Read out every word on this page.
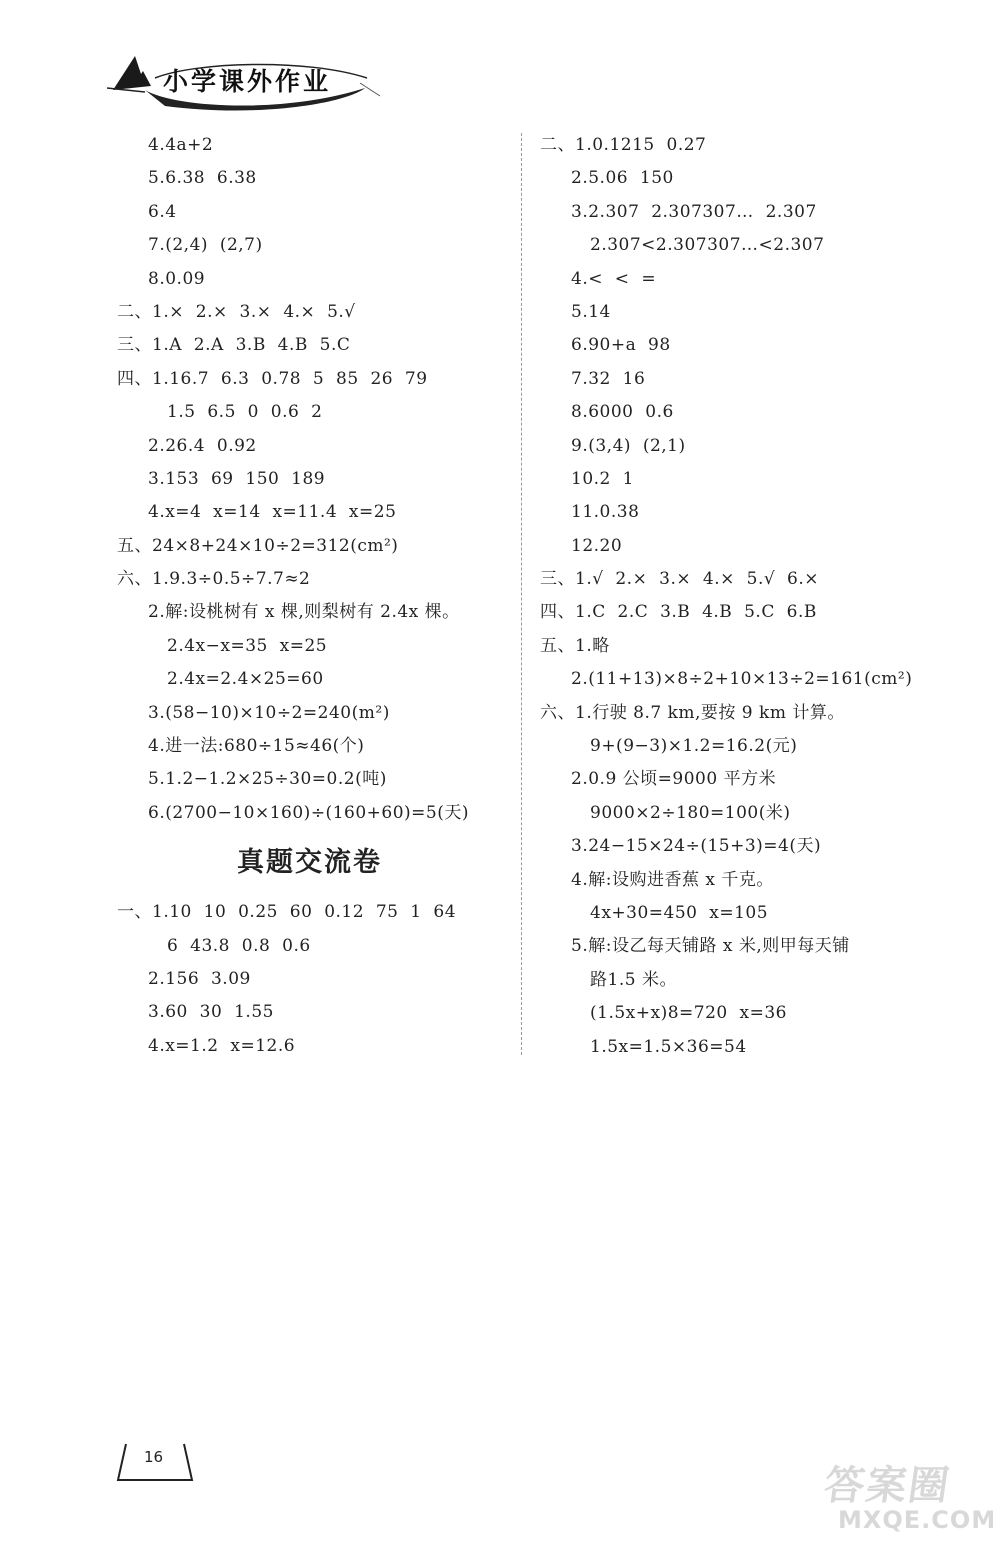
小学课外作业
4.4a+2
5.6.38  6.38
6.4
7.(2,4)  (2,7)
8.0.09
二、1.×  2.×  3.×  4.×  5.√
三、1.A  2.A  3.B  4.B  5.C
四、1.16.7  6.3  0.78  5  85  26  79
1.5  6.5  0  0.6  2
2.26.4  0.92
3.153  69  150  189
4.x=4  x=14  x=11.4  x=25
五、24×8+24×10÷2=312(cm²)
六、1.9.3÷0.5÷7.7≈2
2.解:设桃树有 x 棵,则梨树有 2.4x 棵。
2.4x−x=35  x=25
2.4x=2.4×25=60
3.(58−10)×10÷2=240(m²)
4.进一法:680÷15≈46(个)
5.1.2−1.2×25÷30=0.2(吨)
6.(2700−10×160)÷(160+60)=5(天)
真题交流卷
一、1.10  10  0.25  60  0.12  75  1  64
6  43.8  0.8  0.6
2.156  3.09
3.60  30  1.55
4.x=1.2  x=12.6
二、1.0.1215  0.27
2.5.06  150
3.2.307  2.307307…  2.307
2.307<2.307307…<2.307
4.<  <  =
5.14
6.90+a  98
7.32  16
8.6000  0.6
9.(3,4)  (2,1)
10.2  1
11.0.38
12.20
三、1.√  2.×  3.×  4.×  5.√  6.×
四、1.C  2.C  3.B  4.B  5.C  6.B
五、1.略
2.(11+13)×8÷2+10×13÷2=161(cm²)
六、1.行驶 8.7 km,要按 9 km 计算。
9+(9−3)×1.2=16.2(元)
2.0.9 公顷=9000 平方米
9000×2÷180=100(米)
3.24−15×24÷(15+3)=4(天)
4.解:设购进香蕉 x 千克。
4x+30=450  x=105
5.解:设乙每天铺路 x 米,则甲每天铺
路1.5 米。
(1.5x+x)8=720  x=36
1.5x=1.5×36=54
16
答案圈
MXQE.COM
